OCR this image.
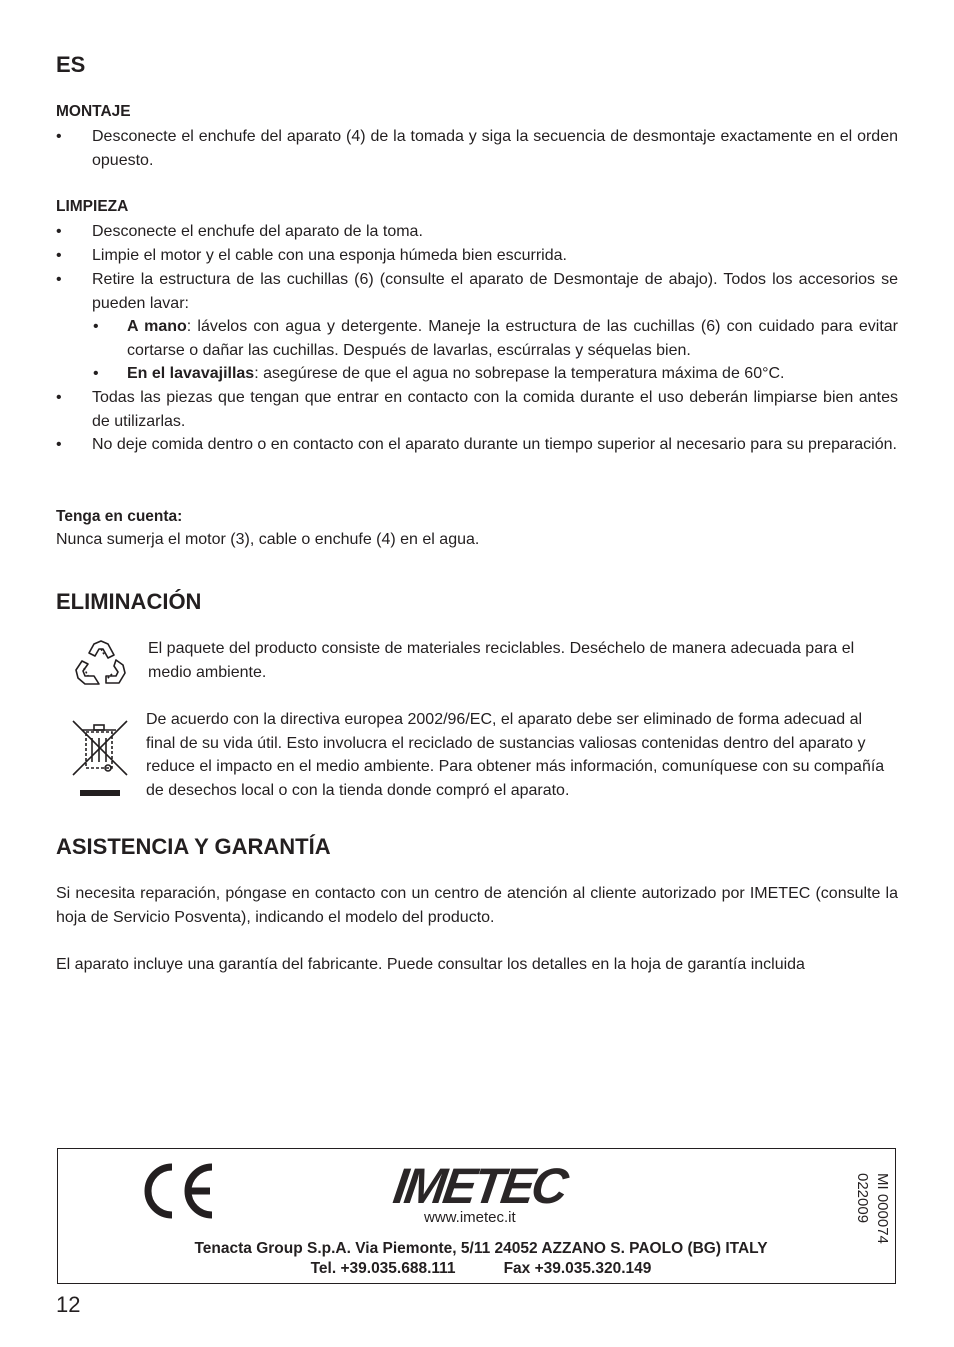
ES
MONTAJE
• Desconecte el enchufe del aparato (4) de la tomada y siga la secuencia de desmontaje exactamente en el orden opuesto.
LIMPIEZA
• Desconecte el enchufe del aparato de la toma.
• Limpie el motor y el cable con una esponja húmeda bien escurrida.
• Retire la estructura de las cuchillas (6) (consulte el aparato de Desmontaje de abajo). Todos los accesorios se pueden lavar:
• A mano: lávelos con agua y detergente. Maneje la estructura de las cuchillas (6) con cuidado para evitar cortarse o dañar las cuchillas. Después de lavarlas, escúrralas y séquelas bien.
• En el lavavajillas: asegúrese de que el agua no sobrepase la temperatura máxima de 60°C.
• Todas las piezas que tengan que entrar en contacto con la comida durante el uso deberán limpiarse bien antes de utilizarlas.
• No deje comida dentro o en contacto con el aparato durante un tiempo superior al necesario para su preparación.
Tenga en cuenta:
Nunca sumerja el motor (3), cable o enchufe (4) en el agua.
ELIMINACIÓN
El paquete del producto consiste de materiales reciclables. Deséchelo de manera adecuada para el medio ambiente.
De acuerdo con la directiva europea 2002/96/EC, el aparato debe ser eliminado de forma adecuad al final de su vida útil. Esto involucra el reciclado de sustancias valiosas contenidas dentro del aparato y reduce el impacto en el medio ambiente. Para obtener más información, comuníquese con su compañía de desechos local o con la tienda donde compró el aparato.
ASISTENCIA Y GARANTÍA
Si necesita reparación, póngase en contacto con un centro de atención al cliente autorizado por IMETEC (consulte la hoja de Servicio Posventa), indicando el modelo del producto.
El aparato incluye una garantía del fabricante. Puede consultar los detalles en la hoja de garantía incluida
IMETEC
www.imetec.it
Tenacta Group S.p.A. Via Piemonte, 5/11 24052 AZZANO S. PAOLO (BG) ITALY
Tel. +39.035.688.111	Fax +39.035.320.149
MI 000074
022009
12
